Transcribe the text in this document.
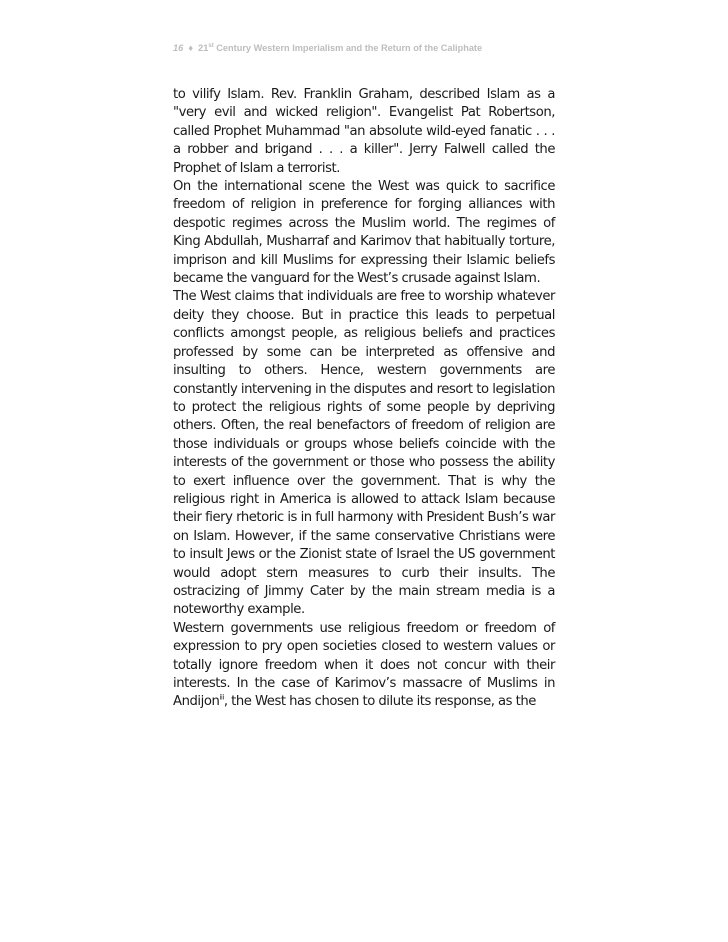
16 ♦ 21st Century Western Imperialism and the Return of the Caliphate

to vilify Islam. Rev. Franklin Graham, described Islam as a "very evil and wicked religion". Evangelist Pat Robertson, called Prophet Muhammad "an absolute wild-eyed fanatic . . . a robber and brigand . . . a killer". Jerry Falwell called the Prophet of Islam a terrorist.

On the international scene the West was quick to sacrifice freedom of religion in preference for forging alliances with despotic regimes across the Muslim world. The regimes of King Abdullah, Musharraf and Karimov that habitually torture, imprison and kill Muslims for expressing their Islamic beliefs became the vanguard for the West’s crusade against Islam.

The West claims that individuals are free to worship whatever deity they choose. But in practice this leads to perpetual conflicts amongst people, as religious beliefs and practices professed by some can be interpreted as offensive and insulting to others. Hence, western governments are constantly intervening in the disputes and resort to legislation to protect the religious rights of some people by depriving others. Often, the real benefactors of freedom of religion are those individuals or groups whose beliefs coincide with the interests of the government or those who possess the ability to exert influence over the government. That is why the religious right in America is allowed to attack Islam because their fiery rhetoric is in full harmony with President Bush’s war on Islam. However, if the same conservative Christians were to insult Jews or the Zionist state of Israel the US government would adopt stern measures to curb their insults. The ostracizing of Jimmy Cater by the main stream media is a noteworthy example.

Western governments use religious freedom or freedom of expression to pry open societies closed to western values or totally ignore freedom when it does not concur with their interests. In the case of Karimov’s massacre of Muslims in Andijon$^{iii}$, the West has chosen to dilute its response, as the
